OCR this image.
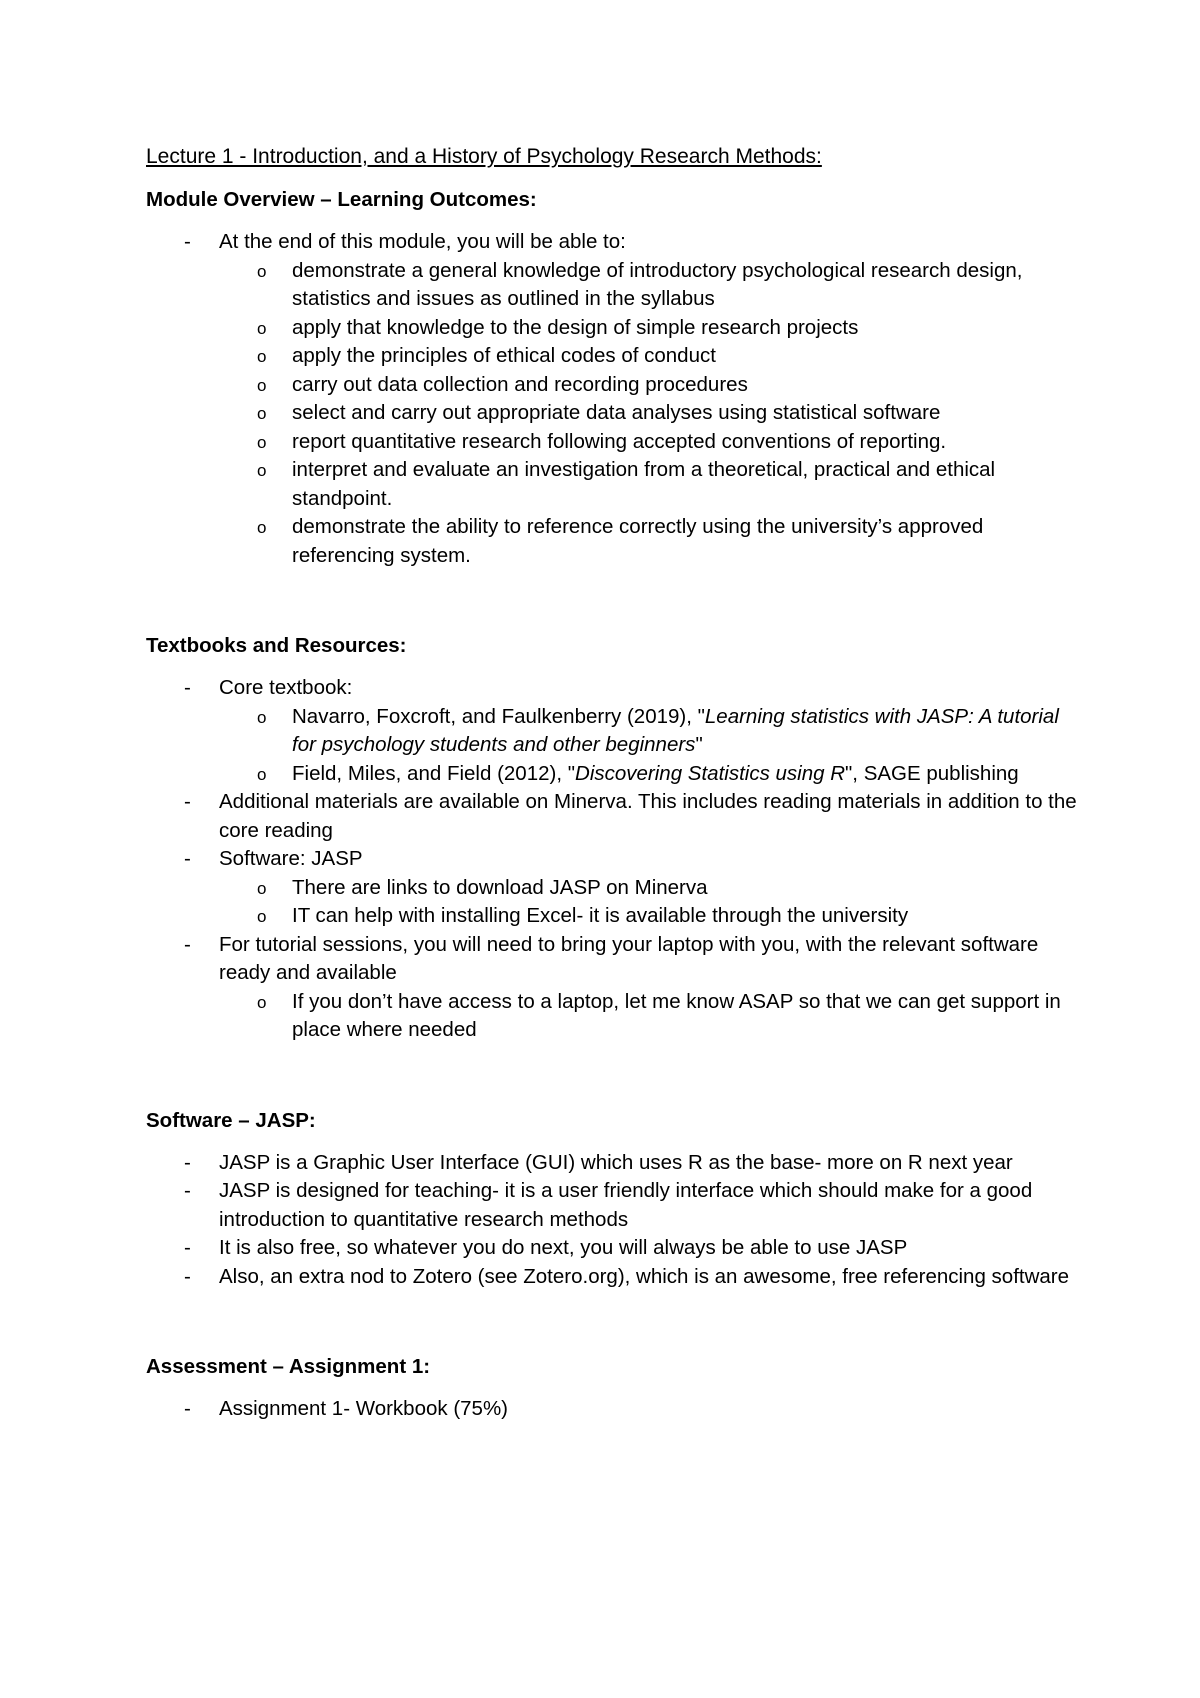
Lecture 1 - Introduction, and a History of Psychology Research Methods:
Module Overview – Learning Outcomes:
- At the end of this module, you will be able to:
o demonstrate a general knowledge of introductory psychological research design, statistics and issues as outlined in the syllabus
o apply that knowledge to the design of simple research projects
o apply the principles of ethical codes of conduct
o carry out data collection and recording procedures
o select and carry out appropriate data analyses using statistical software
o report quantitative research following accepted conventions of reporting.
o interpret and evaluate an investigation from a theoretical, practical and ethical standpoint.
o demonstrate the ability to reference correctly using the university’s approved referencing system.
Textbooks and Resources:
- Core textbook:
o Navarro, Foxcroft, and Faulkenberry (2019), "Learning statistics with JASP: A tutorial for psychology students and other beginners"
o Field, Miles, and Field (2012), "Discovering Statistics using R", SAGE publishing
- Additional materials are available on Minerva. This includes reading materials in addition to the core reading
- Software: JASP
o There are links to download JASP on Minerva
o IT can help with installing Excel- it is available through the university
- For tutorial sessions, you will need to bring your laptop with you, with the relevant software ready and available
o If you don’t have access to a laptop, let me know ASAP so that we can get support in place where needed
Software – JASP:
- JASP is a Graphic User Interface (GUI) which uses R as the base- more on R next year
- JASP is designed for teaching- it is a user friendly interface which should make for a good introduction to quantitative research methods
- It is also free, so whatever you do next, you will always be able to use JASP
- Also, an extra nod to Zotero (see Zotero.org), which is an awesome, free referencing software
Assessment – Assignment 1:
- Assignment 1- Workbook (75%)
